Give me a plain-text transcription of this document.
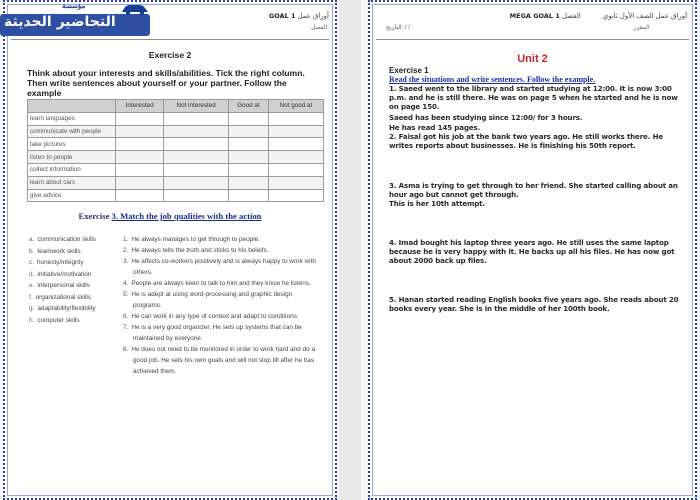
GOAL 1 أوراق عمل
الفصل:
Exercise 2
Think about your interests and skills/abilities. Tick the right column. Then write sentences about yourself or your partner. Follow the example
	Interested	Not interested	Good at	Not good at
learn languages				
communicate with people				
take pictures				
listen to people				
collect information				
learn about cars				
give advice				
Exercise 3. Match the job qualities with the action
a. communication skills
b. teamwork skills
c. honesty/integrity
d. initiative/motivation
e. interpersonal skills
f. organizational skills
g. adaptability/flexibility
h. computer skills
1. He always manages to get through to people.
2. He always tells the truth and sticks to his beliefs.
3. He affects co-workers positively and is always happy to work with others.
4. People are always keen to talk to him and they know he listens.
5. He is adept at using word-processing and graphic design programs.
6. He can work in any type of context and adapt to conditions.
7. He is a very good organizer. He sets up systems that can be maintained by everyone.
8. He does not need to be monitored in order to work hard and do a good job. He sets his own goals and will not stop till after he has achieved them.
MEGA GOAL 1	أوراق عمل الصف الأول ثانوي  الفصل:
المقرر
التاريخ: / /
Unit 2
Exercise 1
Read the situations and write sentences. Follow the example.
1. Saeed went to the library and started studying at 12:00. It is now 3:00 p.m. and he is still there. He was on page 5 when he started and he is now on page 150.
Saeed has been studying since 12:00/ for 3 hours.
He has read 145 pages.
2. Faisal got his job at the bank two years ago. He still works there. He writes reports about businesses. He is finishing his 50th report.
3. Asma is trying to get through to her friend. She started calling about an hour ago but cannot get through.
This is her 10th attempt.
4. Imad bought his laptop three years ago. He still uses the same laptop because he is very happy with it. He backs up all his files. He has now got about 2000 back up files.
5. Hanan started reading English books five years ago. She reads about 20 books every year. She is in the middle of her 100th book.
مؤسسة
التحاضير الحديثة
